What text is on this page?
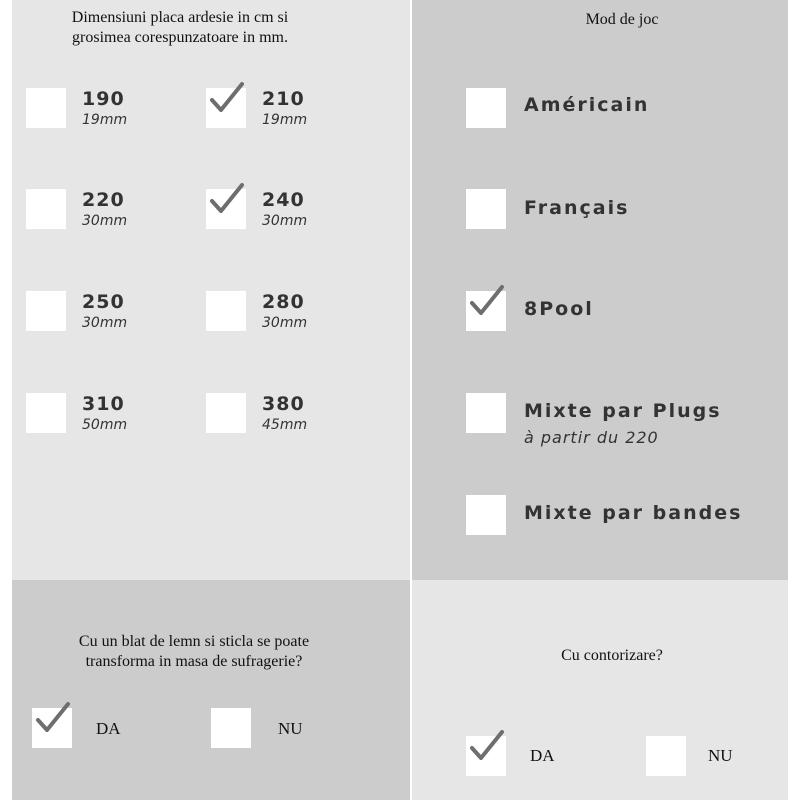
Dimensiuni placa ardesie in cm si
grosimea corespunzatoare in mm.
190
19mm
210
19mm
220
30mm
240
30mm
250
30mm
280
30mm
310
50mm
380
45mm
Mod de joc
Américain
Français
8Pool
Mixte par Plugs
à partir du 220
Mixte par bandes
Cu un blat de lemn si sticla se poate
transforma in masa de sufragerie?
DA	NU
Cu contorizare?
DA	NU
